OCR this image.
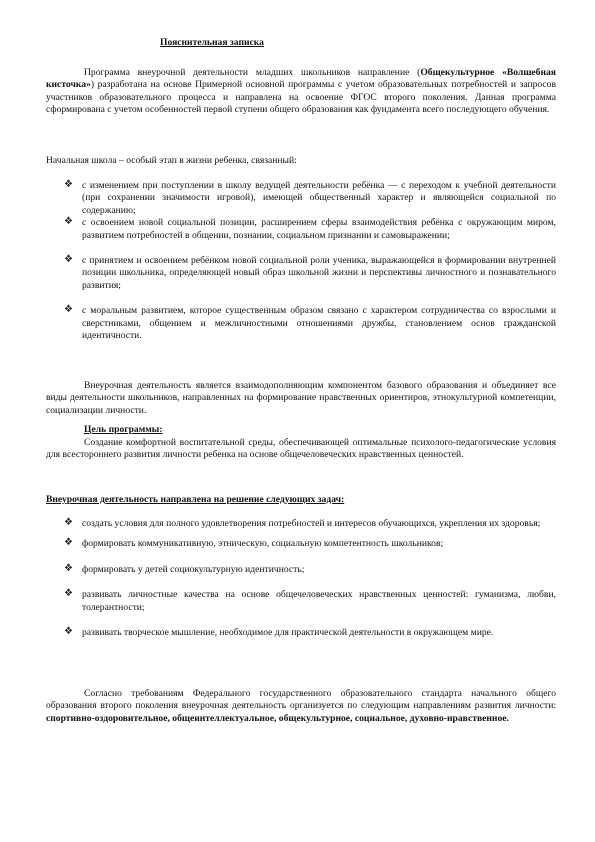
Пояснительная записка
Программа внеурочной деятельности младших школьников направление (Общекультурное «Волшебная кисточка») разработана на основе Примерной основной программы с учетом образовательных потребностей и запросов участников образовательного процесса и направлена на освоение ФГОС второго поколения. Данная программа сформирована с учетом особенностей первой ступени общего образования как фундамента всего последующего обучения.
Начальная школа – особый этап в жизни ребенка, связанный:
❖ с изменением при поступлении в школу ведущей деятельности ребёнка — с переходом к учебной деятельности (при сохранении значимости игровой), имеющей общественный характер и являющейся социальной по содержанию;
❖ с освоением новой социальной позиции, расширением сферы взаимодействия ребёнка с окружающим миром, развитием потребностей в общении, познании, социальном признании и самовыражении;
❖ с принятием и освоением ребёнком новой социальной роли ученика, выражающейся в формировании внутренней позиции школьника, определяющей новый образ школьной жизни и перспективы личностного и познавательного развития;
❖ с моральным развитием, которое существенным образом связано с характером сотрудничества со взрослыми и сверстниками, общением и межличностными отношениями дружбы, становлением основ гражданской идентичности.
Внеурочная деятельность является взаимодополняющим компонентом базового образования и объединяет все виды деятельности школьников, направленных на формирование нравственных ориентиров, этнокультурной компетенции, социализации личности.
Цель программы:
Создание комфортной воспитательной среды, обеспечивающей оптимальные психолого-педагогические условия для всестороннего развития личности ребенка на основе общечеловеческих нравственных ценностей.
Внеурочная деятельность направлена на решение следующих задач:
❖ создать условия для полного удовлетворения потребностей и интересов обучающихся, укрепления их здоровья;
❖ формировать коммуникативную, этническую, социальную компетентность школьников;
❖ формировать у детей социокультурную идентичность;
❖ развивать личностные качества на основе общечеловеческих нравственных ценностей: гуманизма, любви, толерантности;
❖ развивать творческое мышление, необходимое для практической деятельности в окружающем мире.
Согласно требованиям Федерального государственного образовательного стандарта начального общего образования второго поколения внеурочная деятельность организуется по следующим направлениям развития личности: спортивно-оздоровительное, общеинтеллектуальное, общекультурное, социальное, духовно-нравственное.
